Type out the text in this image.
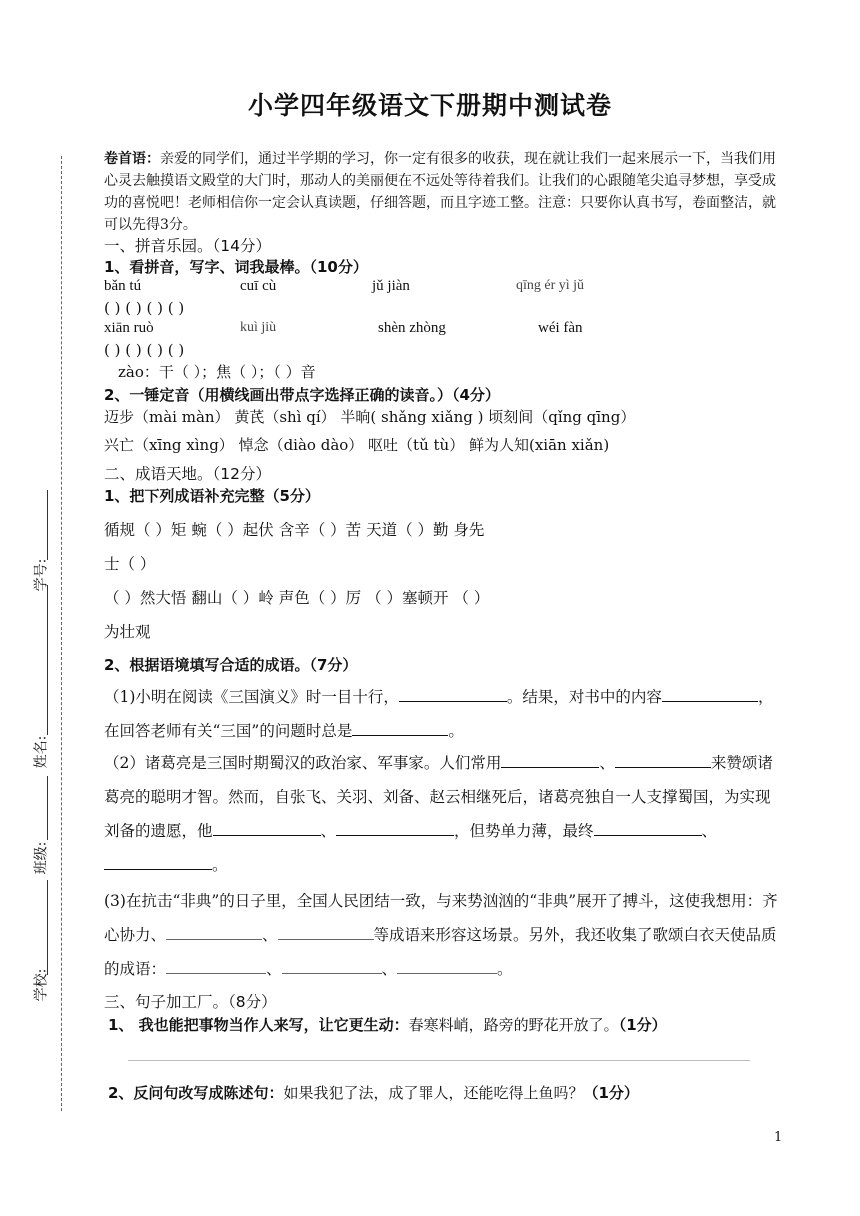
学校:
班级:
姓名:
学号:
小学四年级语文下册期中测试卷
卷首语：亲爱的同学们，通过半学期的学习，你一定有很多的收获，现在就让我们一起来展示一下，当我们用心灵去触摸语文殿堂的大门时，那动人的美丽便在不远处等待着我们。让我们的心跟随笔尖追寻梦想，享受成功的喜悦吧！老师相信你一定会认真读题，仔细答题，而且字迹工整。注意：只要你认真书写，卷面整洁，就可以先得3分。
一、拼音乐园。（14分）
1、看拼音，写字、词我最棒。（10分）
bǎn tú	cuī cù	jǔ jiàn	qīng ér yì jǔ
( ) ( ) ( ) ( )
xiān ruò	kuì jiù	shèn zhòng	wéi fàn
( ) ( ) ( ) ( )
zào：干（ ）；焦（ ）；（ ）音
2、一锤定音（用横线画出带点字选择正确的读音。）（4分）
迈步（mài màn） 黄芪（shì qí） 半晌( shǎng xiǎng ) 顷刻间（qǐng qīng）
兴亡（xīng xìng） 悼念（diào dào） 呕吐（tǔ tù） 鲜为人知(xiān xiǎn)
二、成语天地。（12分）
1、把下列成语补充完整（5分）
循规（ ）矩 蜿（ ）起伏 含辛（ ）苦 天道（ ）勤 身先
士（ ）
（ ）然大悟 翻山（ ）岭 声色（ ）厉 （ ）塞顿开 （ ）
为壮观
2、根据语境填写合适的成语。（7分）
（1)小明在阅读《三国演义》时一目十行，	。结果，对书中的内容	，在回答老师有关“三国”的问题时总是	。
（2）诸葛亮是三国时期蜀汉的政治家、军事家。人们常用	、	来赞颂诸葛亮的聪明才智。然而，自张飞、关羽、刘备、赵云相继死后，诸葛亮独自一人支撑蜀国，为实现刘备的遗愿，他	、	，但势单力薄，最终	、。
(3)在抗击“非典”的日子里，全国人民团结一致，与来势汹汹的“非典”展开了搏斗，这使我想用：齐心协力、	、	等成语来形容这场景。另外，我还收集了歌颂白衣天使品质的成语：	、	、	。
三、句子加工厂。（8分）
1、 我也能把事物当作人来写，让它更生动：春寒料峭，路旁的野花开放了。（1分）
2、反问句改写成陈述句：如果我犯了法，成了罪人，还能吃得上鱼吗？（1分）
1
